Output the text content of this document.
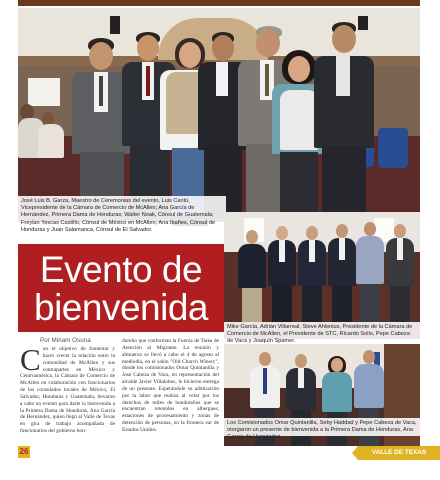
José Luis B. Garza, Maestro de Ceremonias del evento, Luis Cantú, Vicepresidente de la Cámara de Comercio de McAllen; Ana García de Hernández, Primera Dama de Honduras; Walter Noak, Cónsul de Guatemala; Freylan Yescas Castillo, Cónsul de México en McAllen; Ana Ibañes, Cónsul de Honduras y Juan Salamanca, Cónsul de El Salvador.
Mike García, Adrián Villarreal, Steve Ahlenius, Presidente de la Cámara de Comercio de McAllen, el Presidente de STC, Ricardo Solís, Pepe Cabeza de Vaca y Joaquín Spamer.
Los Comisionados Omar Quintanilla, Seby Haddad y Pepe Cabeza de Vaca, otorgaron un presente de bienvenida a la Primera Dama de Honduras, Ana García de Hernández.
Evento de
bienvenida
Por Miriam Osuna
C on el objetivo de fomentar y hacer crecer la relación entre la comunidad de McAllen y sus contrapartes en México y Centroamérica, la Cámara de Comercio de McAllen en colaboración con funcionarios de los consulados locales de México, El Salvador, Honduras y Guatemala, llevaron a cabo un evento para darle la bienvenida a la Primera Dama de Honduras, Ana García de Hernández, quien llegó al Valle de Texas en gira de trabajo acompañada de funcionarios del gobierno hon-
dureño que conforman la Fuerza de Tarea de Atención al Migrante. La reunión y almuerzo se llevó a cabo el 4 de agosto al mediodía, en el salón "Old Church Winery", donde los comisionados Omar Quintanilla y José Cabeza de Vaca, en representación del alcalde Javier Villalobos, le hicieron entrega de un presente. Esperándole su admiración por la labor que realiza al velar por los derechos de miles de hondureños que se encuentran retenidos en albergues, estaciones de procesamiento y zonas de detención de personas, en la frontera sur de Estados Unidos.
26	VALLE DE TEXAS
